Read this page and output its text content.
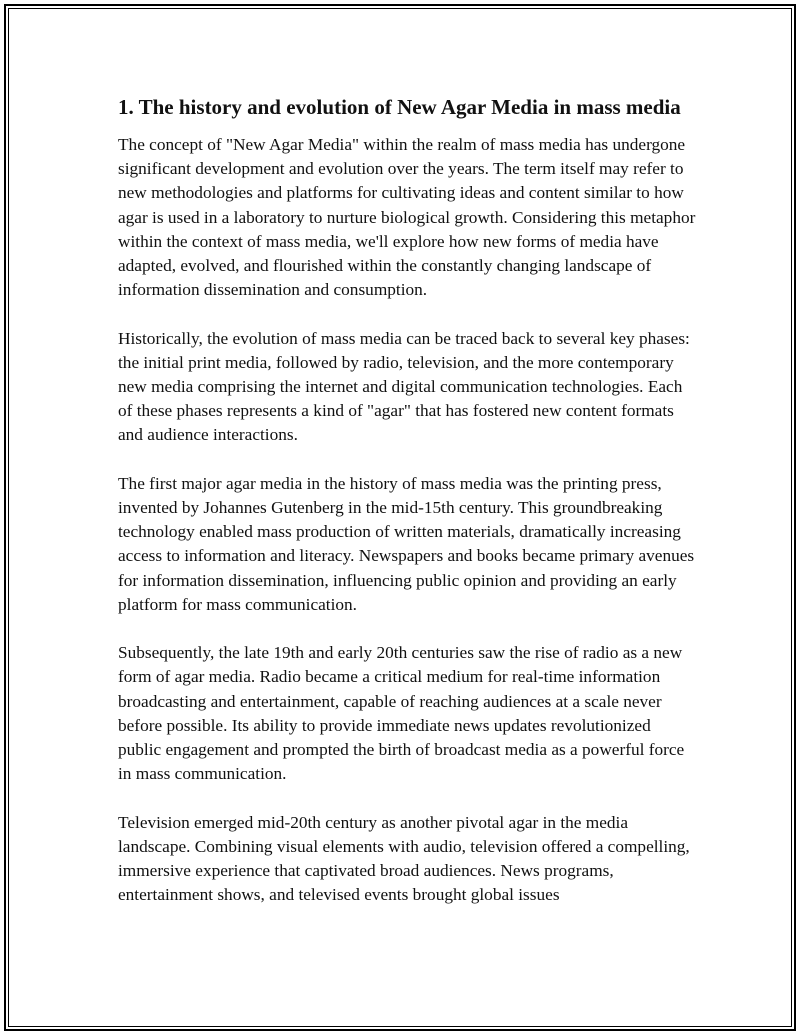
1. The history and evolution of New Agar Media in mass media

The concept of "New Agar Media" within the realm of mass media has undergone significant development and evolution over the years. The term itself may refer to new methodologies and platforms for cultivating ideas and content similar to how agar is used in a laboratory to nurture biological growth. Considering this metaphor within the context of mass media, we'll explore how new forms of media have adapted, evolved, and flourished within the constantly changing landscape of information dissemination and consumption.

Historically, the evolution of mass media can be traced back to several key phases: the initial print media, followed by radio, television, and the more contemporary new media comprising the internet and digital communication technologies. Each of these phases represents a kind of "agar" that has fostered new content formats and audience interactions.

The first major agar media in the history of mass media was the printing press, invented by Johannes Gutenberg in the mid-15th century. This groundbreaking technology enabled mass production of written materials, dramatically increasing access to information and literacy. Newspapers and books became primary avenues for information dissemination, influencing public opinion and providing an early platform for mass communication.

Subsequently, the late 19th and early 20th centuries saw the rise of radio as a new form of agar media. Radio became a critical medium for real-time information broadcasting and entertainment, capable of reaching audiences at a scale never before possible. Its ability to provide immediate news updates revolutionized public engagement and prompted the birth of broadcast media as a powerful force in mass communication.

Television emerged mid-20th century as another pivotal agar in the media landscape. Combining visual elements with audio, television offered a compelling, immersive experience that captivated broad audiences. News programs, entertainment shows, and televised events brought global issues
